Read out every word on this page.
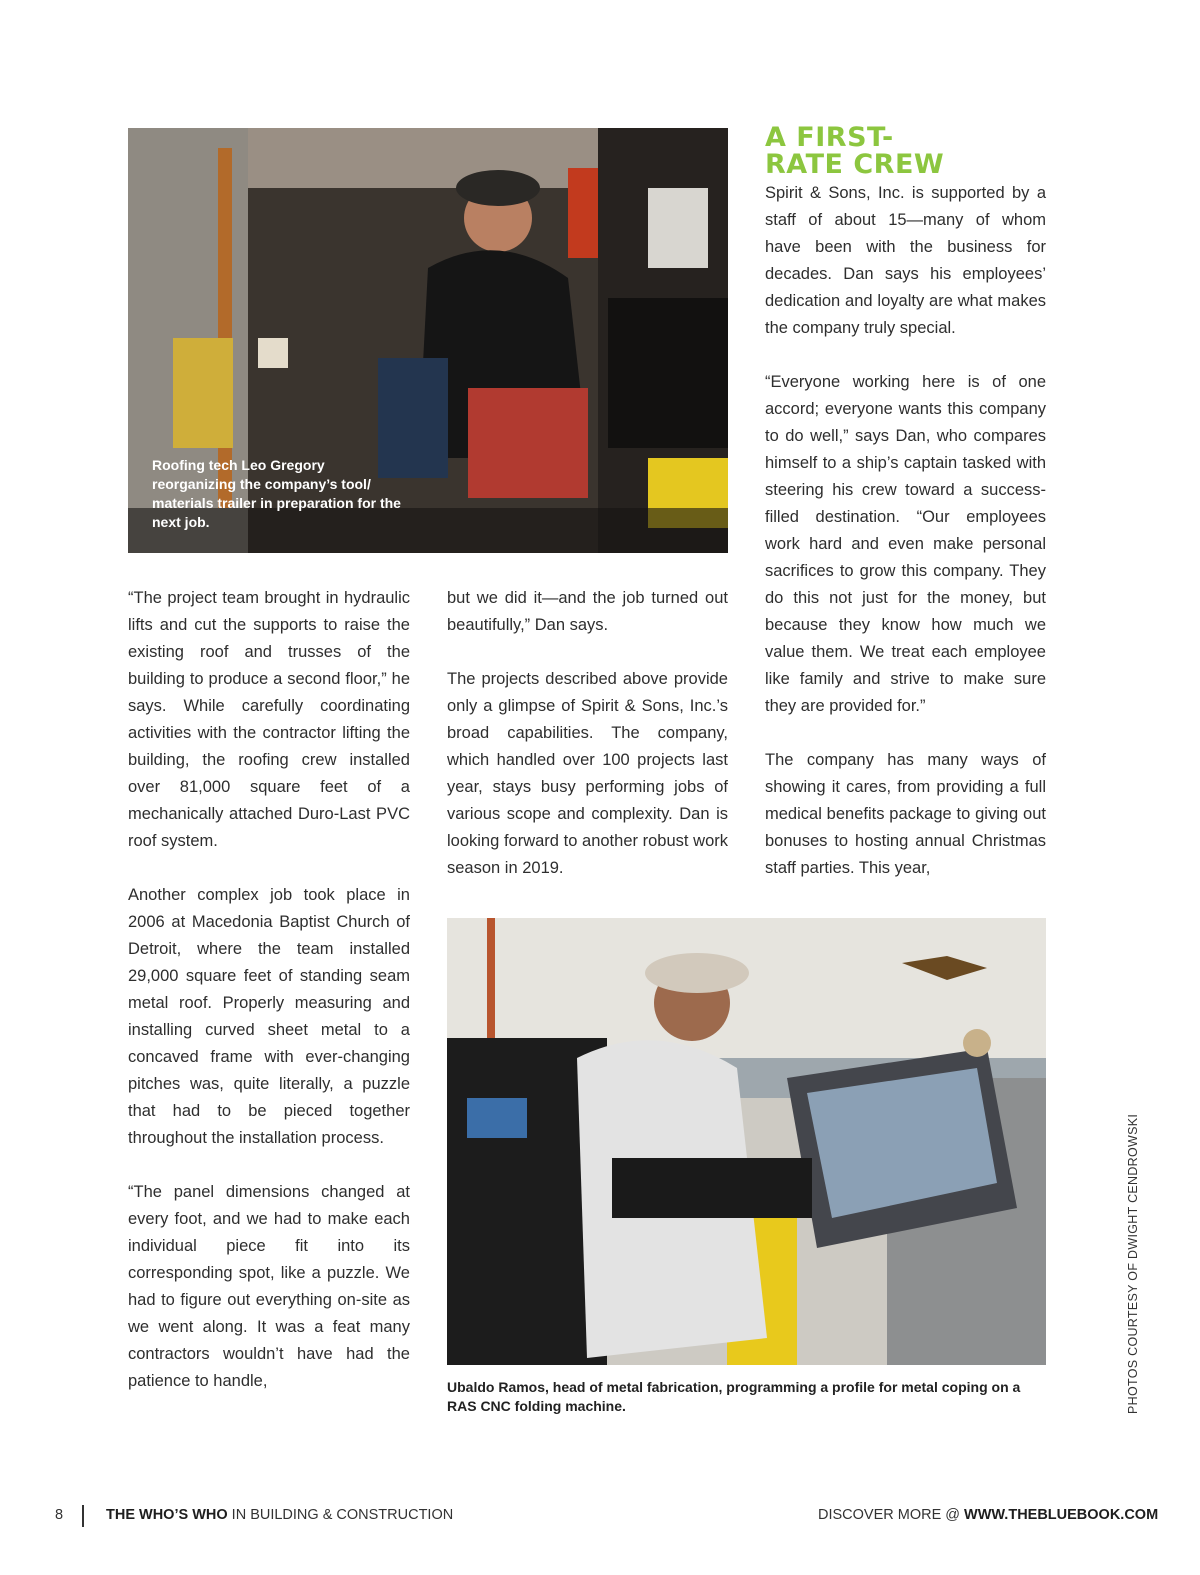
Roofing tech Leo Gregory reorganizing the company’s tool/ materials trailer in preparation for the next job.
A FIRST-
RATE CREW

Spirit & Sons, Inc. is supported by a staff of about 15—many of whom have been with the business for decades. Dan says his employees’ dedication and loyalty are what makes the company truly special.

“Everyone working here is of one accord; everyone wants this company to do well,” says Dan, who compares himself to a ship’s captain tasked with steering his crew toward a success-filled destination. “Our employees work hard and even make personal sacrifices to grow this company. They do this not just for the money, but because they know how much we value them. We treat each employee like family and strive to make sure they are provided for.”

The company has many ways of showing it cares, from providing a full medical benefits package to giving out bonuses to hosting annual Christmas staff parties. This year,

“The project team brought in hydraulic lifts and cut the supports to raise the existing roof and trusses of the building to produce a second floor,” he says. While carefully coordinating activities with the contractor lifting the building, the roofing crew installed over 81,000 square feet of a mechanically attached Duro-Last PVC roof system.

Another complex job took place in 2006 at Macedonia Baptist Church of Detroit, where the team installed 29,000 square feet of standing seam metal roof. Properly measuring and installing curved sheet metal to a concaved frame with ever-changing pitches was, quite literally, a puzzle that had to be pieced together throughout the installation process.

“The panel dimensions changed at every foot, and we had to make each individual piece fit into its corresponding spot, like a puzzle. We had to figure out everything on-site as we went along. It was a feat many contractors wouldn’t have had the patience to handle,

but we did it—and the job turned out beautifully,” Dan says.

The projects described above provide only a glimpse of Spirit & Sons, Inc.’s broad capabilities. The company, which handled over 100 projects last year, stays busy performing jobs of various scope and complexity. Dan is looking forward to another robust work season in 2019.

Ubaldo Ramos, head of metal fabrication, programming a profile for metal coping on a RAS CNC folding machine.	PHOTOS COURTESY OF DWIGHT CENDROWSKI
8	THE WHO’S WHO IN BUILDING & CONSTRUCTION	DISCOVER MORE @ WWW.THEBLUEBOOK.COM
